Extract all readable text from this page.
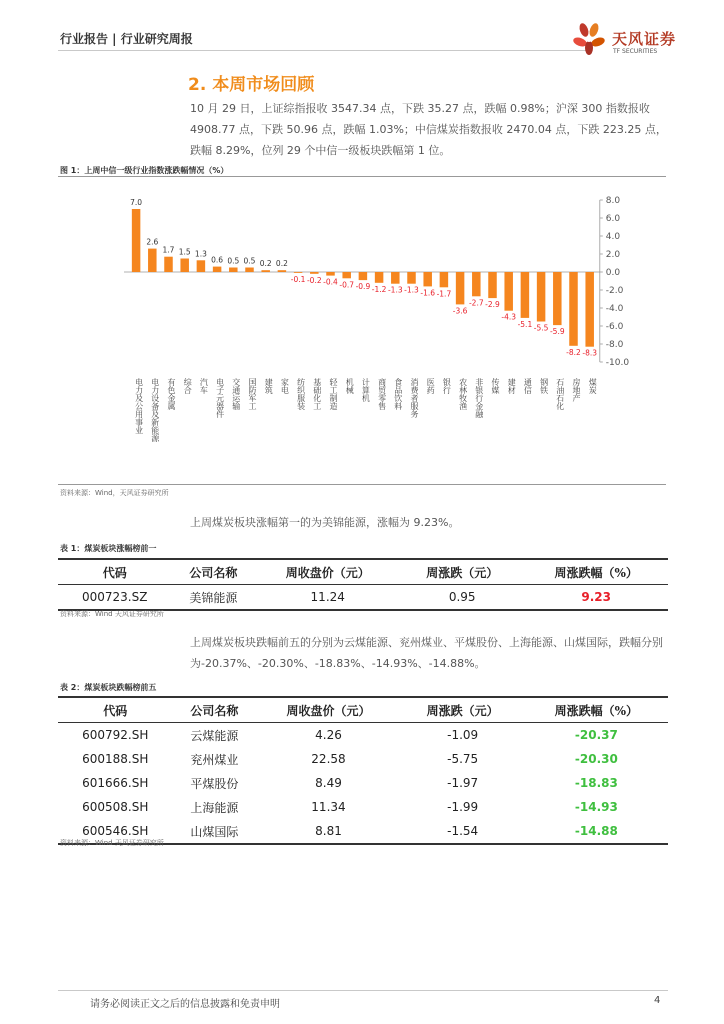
行业报告 | 行业研究周报	天风证券
TF SECURITIES
2. 本周市场回顾
10 月 29 日，上证综指报收 3547.34 点，下跌 35.27 点，跌幅 0.98%；沪深 300 指数报收 4908.77 点，下跌 50.96 点，跌幅 1.03%；中信煤炭指数报收 2470.04 点，下跌 223.25 点，跌幅 8.29%，位列 29 个中信一级板块跌幅第 1 位。
图 1：上周中信一级行业指数涨跌幅情况（%）
8.0
6.0
4.0
2.0
0.0
-2.0
-4.0
-6.0
-8.0
-10.0
7.0
电力及公用事业
2.6
电力设备及新能源
1.7
有色金属
1.5
综合
1.3
汽车
0.6
电子元器件
0.5
交通运输
0.5
国防军工
0.2
建筑
0.2
家电
-0.1
纺织服装
-0.2
基础化工
-0.4
轻工制造
-0.7
机械
-0.9
计算机
-1.2
商贸零售
-1.3
食品饮料
-1.3
消费者服务
-1.6
医药
-1.7
银行
-3.6
农林牧渔
-2.7
非银行金融
-2.9
传媒
-4.3
建材
-5.1
通信
-5.5
钢铁
-5.9
石油石化
-8.2
房地产
-8.3
煤炭
资料来源：Wind，天风证券研究所
上周煤炭板块涨幅第一的为美锦能源，涨幅为 9.23%。
表 1：煤炭板块涨幅榜前一
代码	公司名称	周收盘价（元）	周涨跌（元）	周涨跌幅（%）
000723.SZ	美锦能源	11.24	0.95	9.23
资料来源：Wind 天风证券研究所
上周煤炭板块跌幅前五的分别为云煤能源、兖州煤业、平煤股份、上海能源、山煤国际，跌幅分别为-20.37%、-20.30%、-18.83%、-14.93%、-14.88%。
表 2：煤炭板块跌幅榜前五
代码	公司名称	周收盘价（元）	周涨跌（元）	周涨跌幅（%）
600792.SH	云煤能源	4.26	-1.09	-20.37
600188.SH	兖州煤业	22.58	-5.75	-20.30
601666.SH	平煤股份	8.49	-1.97	-18.83
600508.SH	上海能源	11.34	-1.99	-14.93
600546.SH	山煤国际	8.81	-1.54	-14.88
资料来源：Wind 天风证券研究所
请务必阅读正文之后的信息披露和免责申明	4
